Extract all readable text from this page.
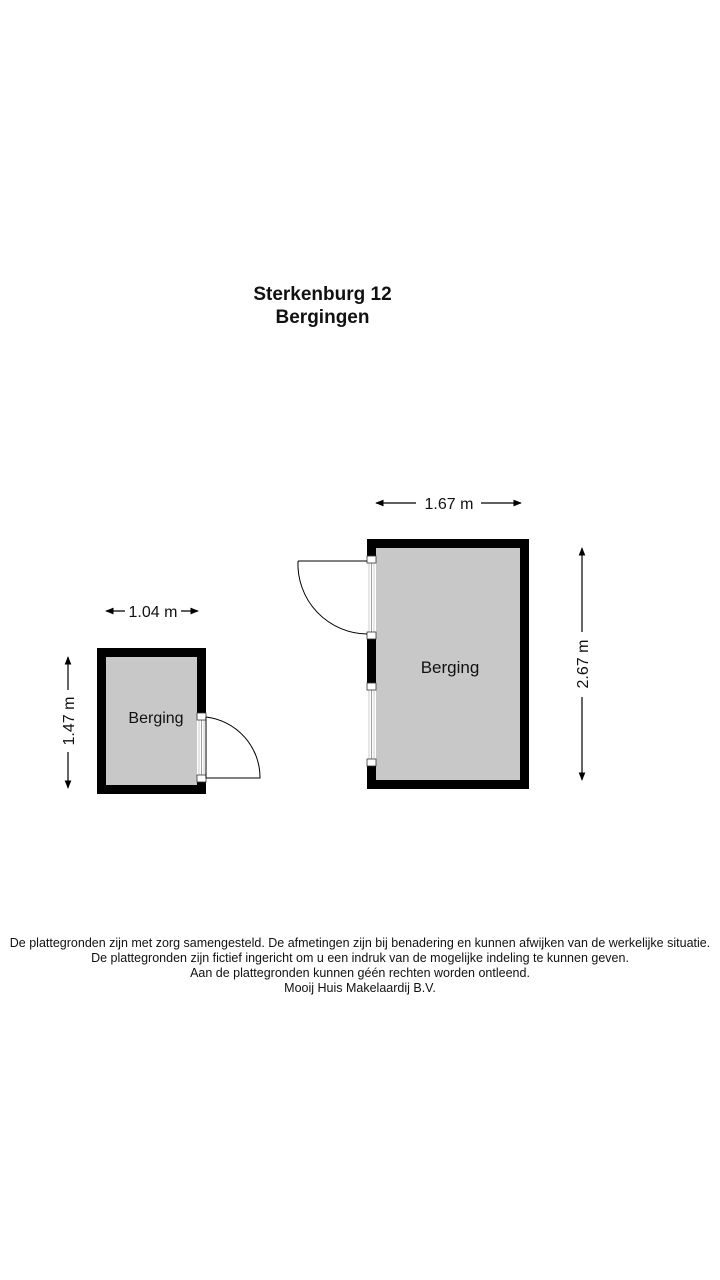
Sterkenburg 12
Bergingen
Berging
1.04 m
1.47 m
Berging
1.67 m
2.67 m
De plattegronden zijn met zorg samengesteld. De afmetingen zijn bij benadering en kunnen afwijken van de werkelijke situatie.
De plattegronden zijn fictief ingericht om u een indruk van de mogelijke indeling te kunnen geven.
Aan de plattegronden kunnen géén rechten worden ontleend.
Mooij Huis Makelaardij B.V.
